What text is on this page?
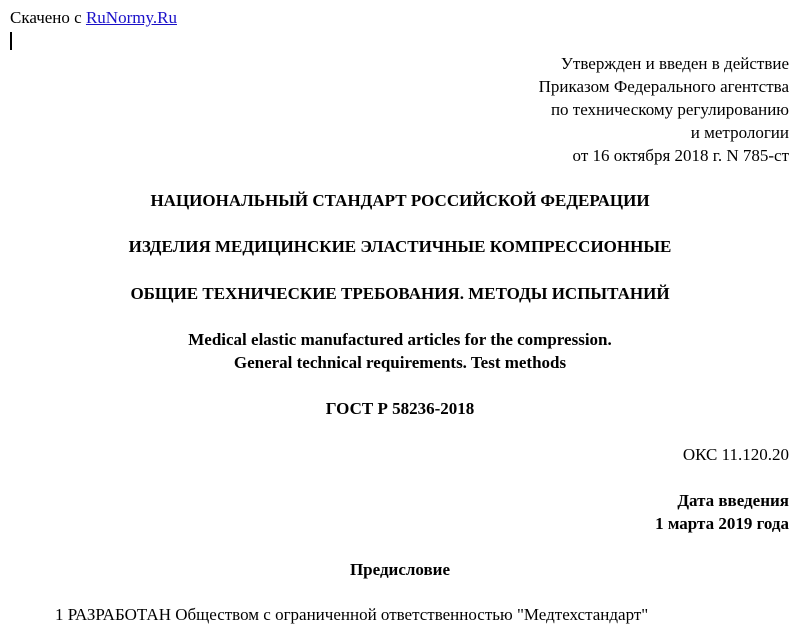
Скачено с RuNormy.Ru
Утвержден и введен в действие
Приказом Федерального агентства
по техническому регулированию
и метрологии
от 16 октября 2018 г. N 785-ст
НАЦИОНАЛЬНЫЙ СТАНДАРТ РОССИЙСКОЙ ФЕДЕРАЦИИ
ИЗДЕЛИЯ МЕДИЦИНСКИЕ ЭЛАСТИЧНЫЕ КОМПРЕССИОННЫЕ
ОБЩИЕ ТЕХНИЧЕСКИЕ ТРЕБОВАНИЯ. МЕТОДЫ ИСПЫТАНИЙ
Medical elastic manufactured articles for the compression.
General technical requirements. Test methods
ГОСТ Р 58236-2018
ОКС 11.120.20
Дата введения
1 марта 2019 года
Предисловие
1 РАЗРАБОТАН Обществом с ограниченной ответственностью "Медтехстандарт"
